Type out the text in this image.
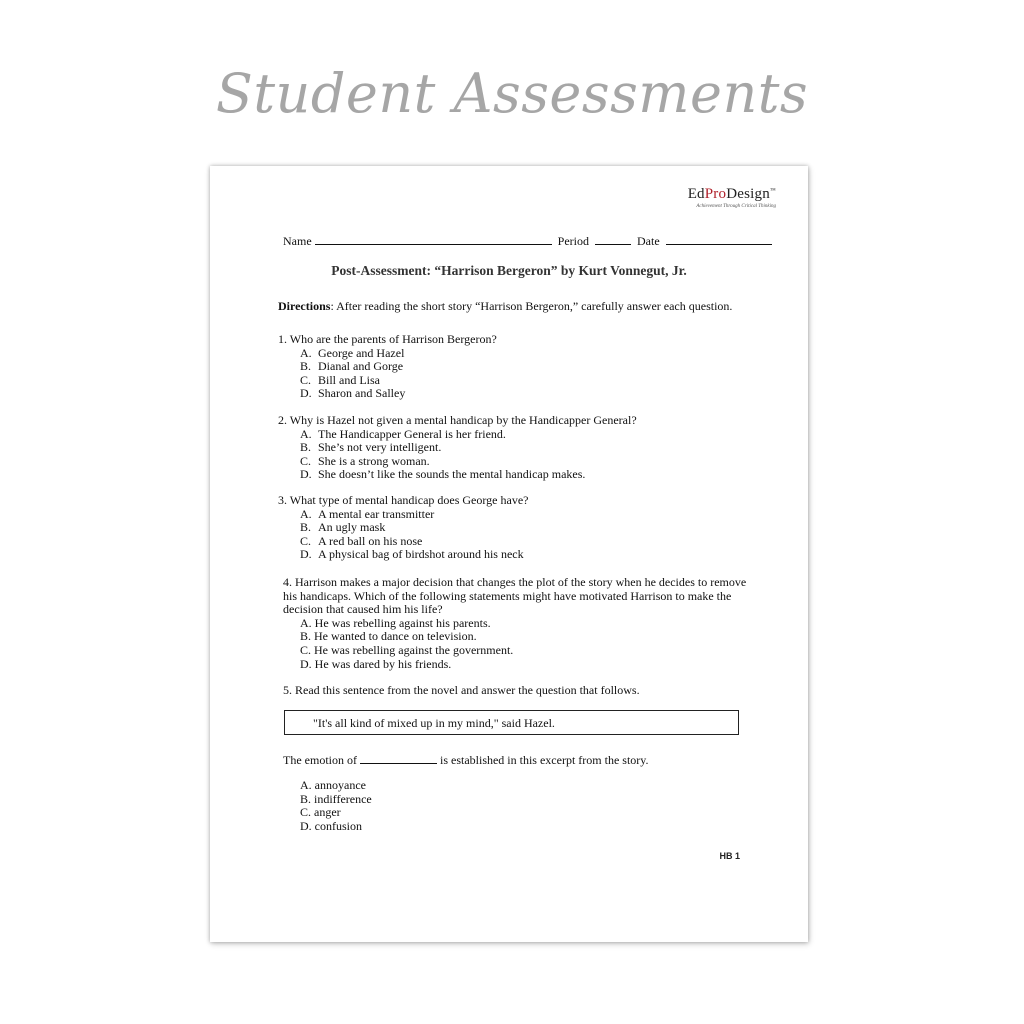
Student Assessments
EdProDesign™
Achievement Through Critical Thinking
Name	Period	Date
Post-Assessment: “Harrison Bergeron” by Kurt Vonnegut, Jr.
Directions: After reading the short story “Harrison Bergeron,” carefully answer each question.
1. Who are the parents of Harrison Bergeron?
A. George and Hazel
B. Dianal and Gorge
C. Bill and Lisa
D. Sharon and Salley
2. Why is Hazel not given a mental handicap by the Handicapper General?
A. The Handicapper General is her friend.
B. She’s not very intelligent.
C. She is a strong woman.
D. She doesn’t like the sounds the mental handicap makes.
3. What type of mental handicap does George have?
A. A mental ear transmitter
B. An ugly mask
C. A red ball on his nose
D. A physical bag of birdshot around his neck
4. Harrison makes a major decision that changes the plot of the story when he decides to remove his handicaps. Which of the following statements might have motivated Harrison to make the decision that caused him his life?
A. He was rebelling against his parents.
B. He wanted to dance on television.
C. He was rebelling against the government.
D. He was dared by his friends.
5. Read this sentence from the novel and answer the question that follows.
"It's all kind of mixed up in my mind," said Hazel.
The emotion of	is established in this excerpt from the story.
A. annoyance
B. indifference
C. anger
D. confusion
HB 1
